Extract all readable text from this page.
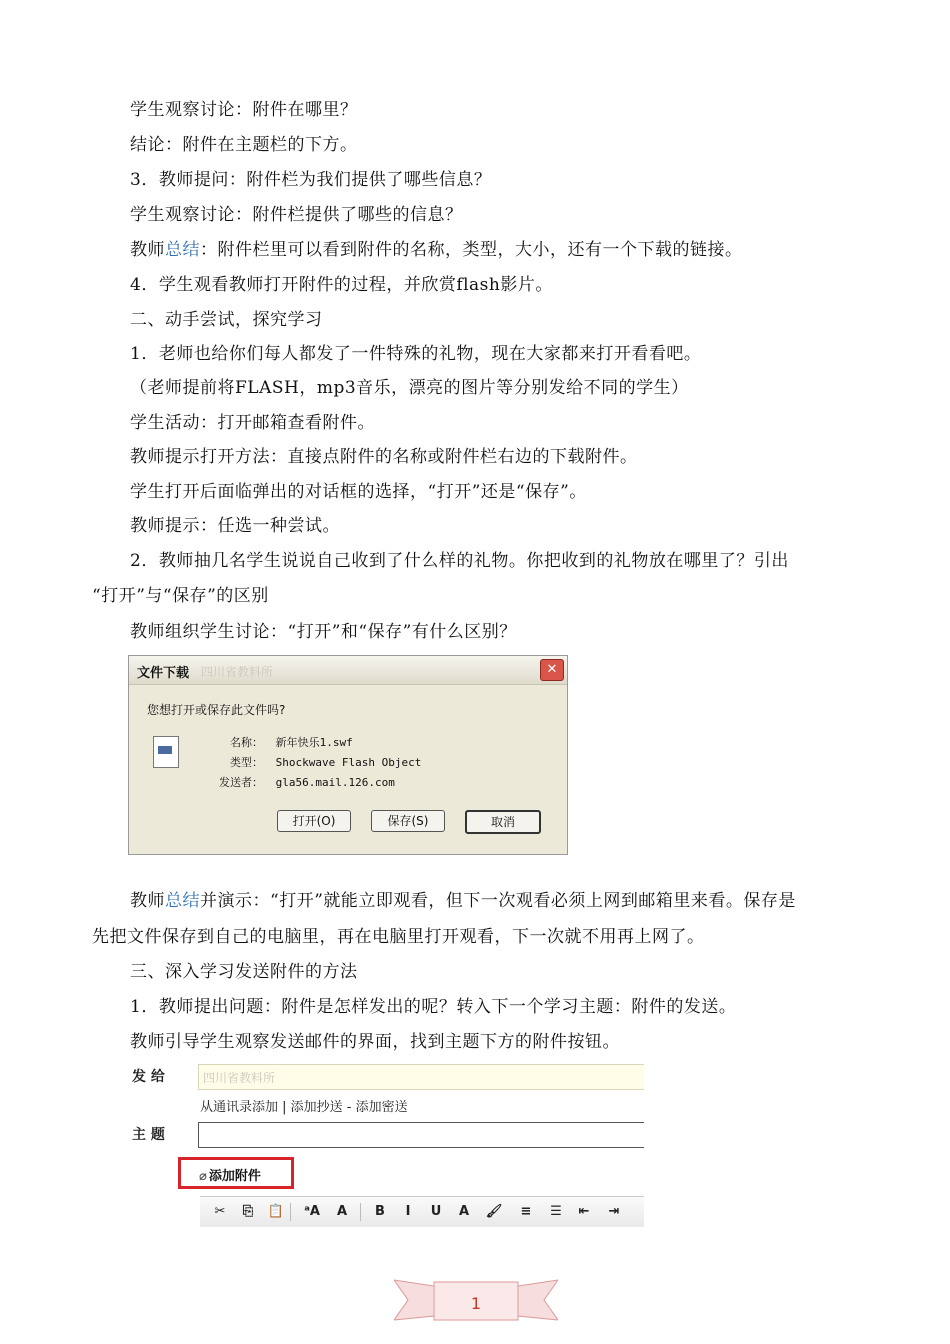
学生观察讨论：附件在哪里？
结论：附件在主题栏的下方。
3．教师提问：附件栏为我们提供了哪些信息？
学生观察讨论：附件栏提供了哪些的信息？
教师总结：附件栏里可以看到附件的名称，类型，大小，还有一个下载的链接。
4．学生观看教师打开附件的过程，并欣赏flash影片。
二、动手尝试，探究学习
1．老师也给你们每人都发了一件特殊的礼物，现在大家都来打开看看吧。
（老师提前将FLASH，mp3音乐，漂亮的图片等分别发给不同的学生）
学生活动：打开邮箱查看附件。
教师提示打开方法：直接点附件的名称或附件栏右边的下载附件。
学生打开后面临弹出的对话框的选择，“打开”还是“保存”。
教师提示：任选一种尝试。
2．教师抽几名学生说说自己收到了什么样的礼物。你把收到的礼物放在哪里了？引出
“打开”与“保存”的区别
教师组织学生讨论：“打开”和“保存”有什么区别？
教师总结并演示：“打开”就能立即观看，但下一次观看必须上网到邮箱里来看。保存是
先把文件保存到自己的电脑里，再在电脑里打开观看，下一次就不用再上网了。
三、深入学习发送附件的方法
1．教师提出问题：附件是怎样发出的呢？转入下一个学习主题：附件的发送。
教师引导学生观察发送邮件的界面，找到主题下方的附件按钮。
文件下载 四川省教料所	✕
您想打开或保存此文件吗?
名称： 新年快乐1.swf
类型： Shockwave Flash Object
发送者： gla56.mail.126.com
打开(O)	保存(S)	取消
发 给	四川省教料所
从通讯录添加 | 添加抄送 - 添加密送
主 题
⌀ 添加附件
✂	⎘	📋 ᵃA	A	B	I	U	A	🖌	≡	☰	⇤	⇥
1
